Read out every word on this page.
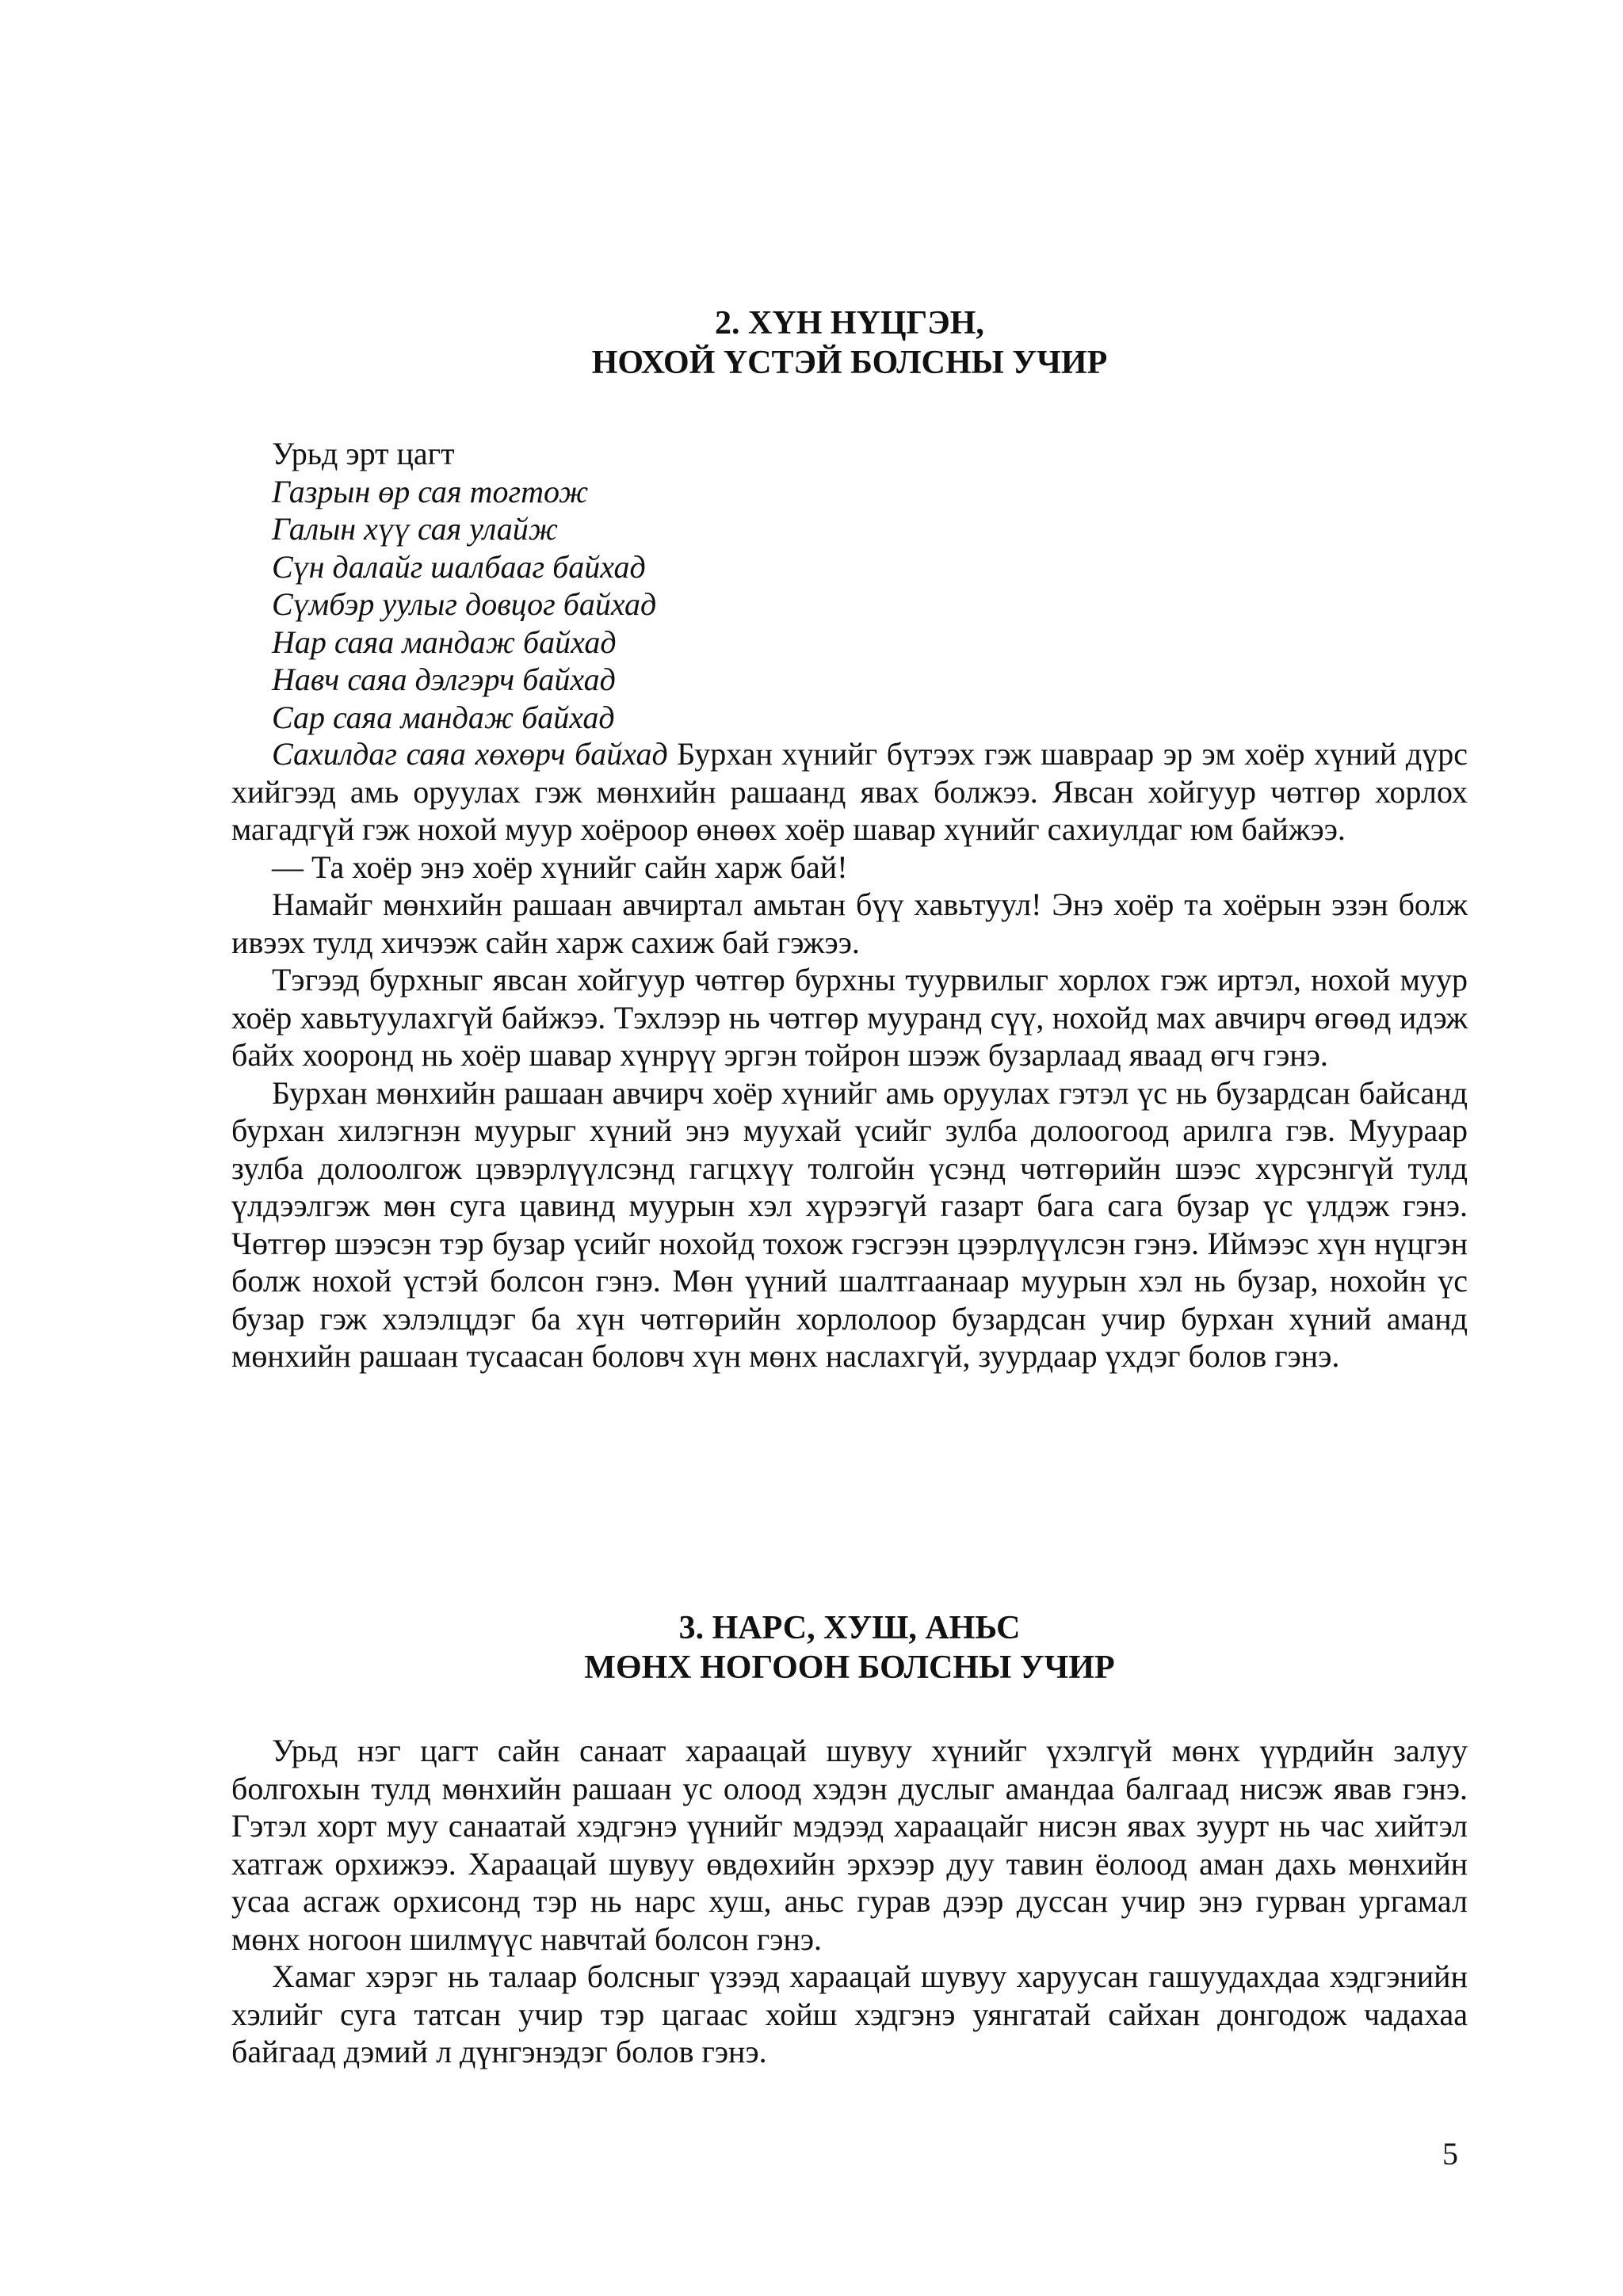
2. ХҮН НҮЦГЭН,
НОХОЙ ҮСТЭЙ БОЛСНЫ УЧИР
Урьд эрт цагт
Газрын өр сая тогтож
Галын хүү сая улайж
Сүн далайг шалбааг байхад
Сүмбэр уулыг довцог байхад
Нар саяа мандаж байхад
Навч саяа дэлгэрч байхад
Сар саяа мандаж байхад

Сахилдаг саяа хөхөрч байхад Бурхан хүнийг бүтээх гэж шавраар эр эм хоёр хүний дүрс хийгээд амь оруулах гэж мөнхийн рашаанд явах болжээ. Явсан хойгуур чөтгөр хорлох магадгүй гэж нохой муур хоёроор өнөөх хоёр шавар хүнийг сахиулдаг юм байжээ.

— Та хоёр энэ хоёр хүнийг сайн харж бай!

Намайг мөнхийн рашаан авчиртал амьтан бүү хавьтуул! Энэ хоёр та хоёрын эзэн болж ивээх тулд хичээж сайн харж сахиж бай гэжээ.

Тэгээд бурхныг явсан хойгуур чөтгөр бурхны туурвилыг хорлох гэж иртэл, нохой муур хоёр хавьтуулахгүй байжээ. Тэхлээр нь чөтгөр мууранд сүү, нохойд мах авчирч өгөөд идэж байх хооронд нь хоёр шавар хүнрүү эргэн тойрон шээж бузарлаад яваад өгч гэнэ.

Бурхан мөнхийн рашаан авчирч хоёр хүнийг амь оруулах гэтэл үс нь бузардсан байсанд бурхан хилэгнэн муурыг хүний энэ муухай үсийг зулба долоогоод арилга гэв. Муураар зулба долоолгож цэвэрлүүлсэнд гагцхүү толгойн үсэнд чөтгөрийн шээс хүрсэнгүй тулд үлдээлгэж мөн суга цавинд муурын хэл хүрээгүй газарт бага сага бузар үс үлдэж гэнэ. Чөтгөр шээсэн тэр бузар үсийг нохойд тохож гэсгээн цээрлүүлсэн гэнэ. Иймээс хүн нүцгэн болж нохой үстэй болсон гэнэ. Мөн үүний шалтгаанаар муурын хэл нь бузар, нохойн үс бузар гэж хэлэлцдэг ба хүн чөтгөрийн хорлолоор бузардсан учир бурхан хүний аманд мөнхийн рашаан тусаасан боловч хүн мөнх наслахгүй, зуурдаар үхдэг болов гэнэ.

3. НАРС, ХУШ, АНЬС
МӨНХ НОГООН БОЛСНЫ УЧИР

Урьд нэг цагт сайн санаат хараацай шувуу хүнийг үхэлгүй мөнх үүрдийн залуу болгохын тулд мөнхийн рашаан ус олоод хэдэн дуслыг амандаа балгаад нисэж явав гэнэ. Гэтэл хорт муу санаатай хэдгэнэ үүнийг мэдээд хараацайг нисэн явах зуурт нь час хийтэл хатгаж орхижээ. Хараацай шувуу өвдөхийн эрхээр дуу тавин ёолоод аман дахь мөнхийн усаа асгаж орхисонд тэр нь нарс хуш, аньс гурав дээр дуссан учир энэ гурван ургамал мөнх ногоон шилмүүс навчтай болсон гэнэ.

Хамаг хэрэг нь талаар болсныг үзээд хараацай шувуу харуусан гашуудахдаа хэдгэнийн хэлийг суга татсан учир тэр цагаас хойш хэдгэнэ уянгатай сайхан донгодож чадахаа байгаад дэмий л дүнгэнэдэг болов гэнэ.

5
